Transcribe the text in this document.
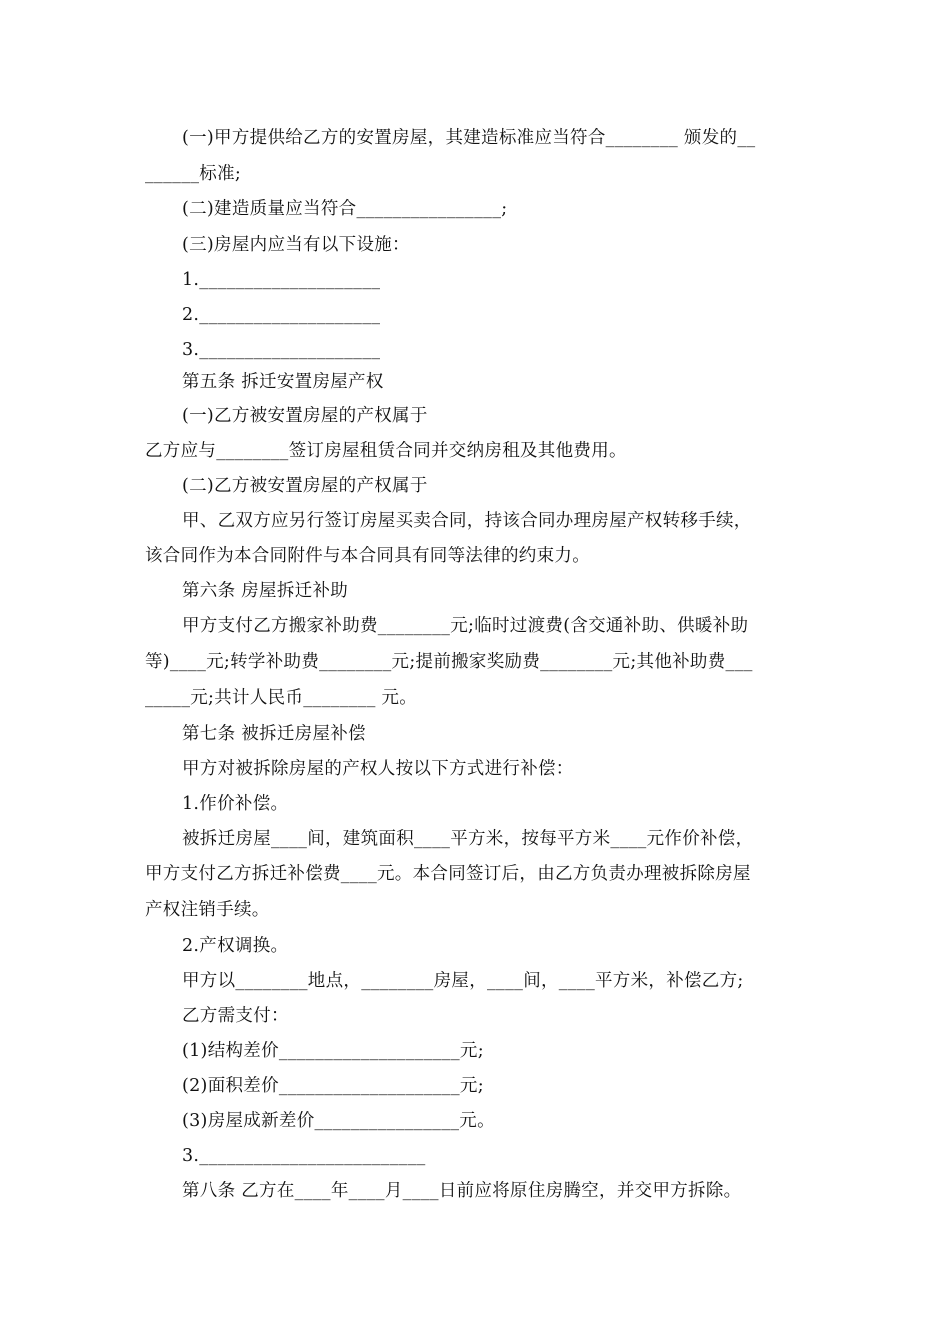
(一)甲方提供给乙方的安置房屋，其建造标准应当符合________ 颁发的__
______标准;
(二)建造质量应当符合________________;
(三)房屋内应当有以下设施：
1.____________________
2.____________________
3.____________________
第五条 拆迁安置房屋产权
(一)乙方被安置房屋的产权属于
乙方应与________签订房屋租赁合同并交纳房租及其他费用。
(二)乙方被安置房屋的产权属于
甲、乙双方应另行签订房屋买卖合同，持该合同办理房屋产权转移手续，
该合同作为本合同附件与本合同具有同等法律的约束力。
第六条 房屋拆迁补助
甲方支付乙方搬家补助费________元;临时过渡费(含交通补助、供暖补助
等)____元;转学补助费________元;提前搬家奖励费________元;其他补助费___
_____元;共计人民币________ 元。
第七条 被拆迁房屋补偿
甲方对被拆除房屋的产权人按以下方式进行补偿：
1.作价补偿。
被拆迁房屋____间，建筑面积____平方米，按每平方米____元作价补偿，
甲方支付乙方拆迁补偿费____元。本合同签订后，由乙方负责办理被拆除房屋
产权注销手续。
2.产权调换。
甲方以________地点，________房屋，____间，____平方米，补偿乙方;
乙方需支付：
(1)结构差价____________________元;
(2)面积差价____________________元;
(3)房屋成新差价________________元。
3._________________________
第八条 乙方在____年____月____日前应将原住房腾空，并交甲方拆除。
